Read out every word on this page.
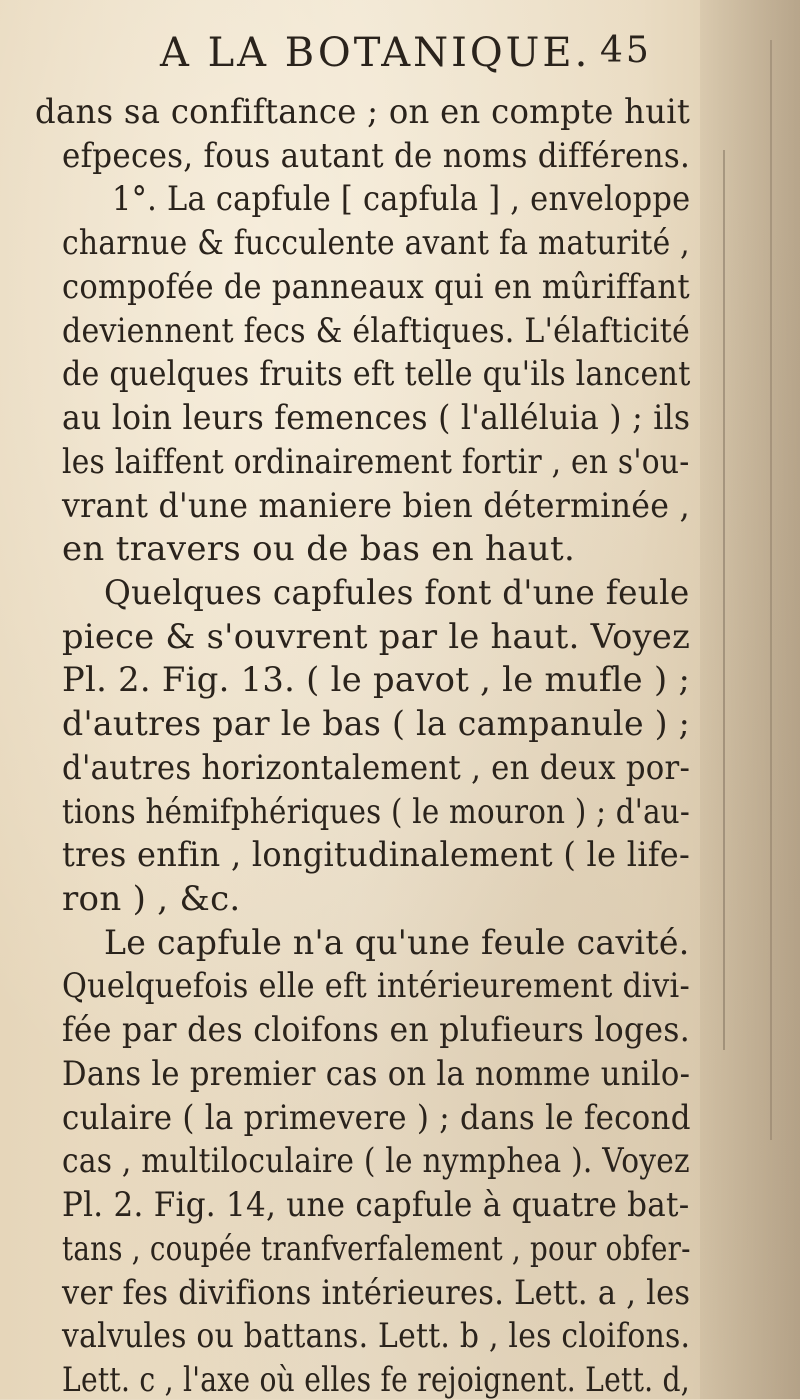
A LA BOTANIQUE. 45
dans sa confiftance ; on en compte huit
efpeces, fous autant de noms différens.
1°. La capfule [ capfula ] , enveloppe
charnue & fucculente avant fa maturité ,
compofée de panneaux qui en mûriffant
deviennent fecs & élaftiques. L'élafticité
de quelques fruits eft telle qu'ils lancent
au loin leurs femences ( l'alléluia ) ; ils
les laiffent ordinairement fortir , en s'ou-
vrant d'une maniere bien déterminée ,
en travers ou de bas en haut.
Quelques capfules font d'une feule
piece & s'ouvrent par le haut. Voyez
Pl. 2. Fig. 13. ( le pavot , le mufle ) ;
d'autres par le bas ( la campanule ) ;
d'autres horizontalement , en deux por-
tions hémifphériques ( le mouron ) ; d'au-
tres enfin , longitudinalement ( le life-
ron ) , &c.
Le capfule n'a qu'une feule cavité.
Quelquefois elle eft intérieurement divi-
fée par des cloifons en plufieurs loges.
Dans le premier cas on la nomme unilo-
culaire ( la primevere ) ; dans le fecond
cas , multiloculaire ( le nymphea ). Voyez
Pl. 2. Fig. 14, une capfule à quatre bat-
tans , coupée tranfverfalement , pour obfer-
ver fes divifions intérieures. Lett. a , les
valvules ou battans. Lett. b , les cloifons.
Lett. c , l'axe où elles fe rejoignent. Lett. d,
